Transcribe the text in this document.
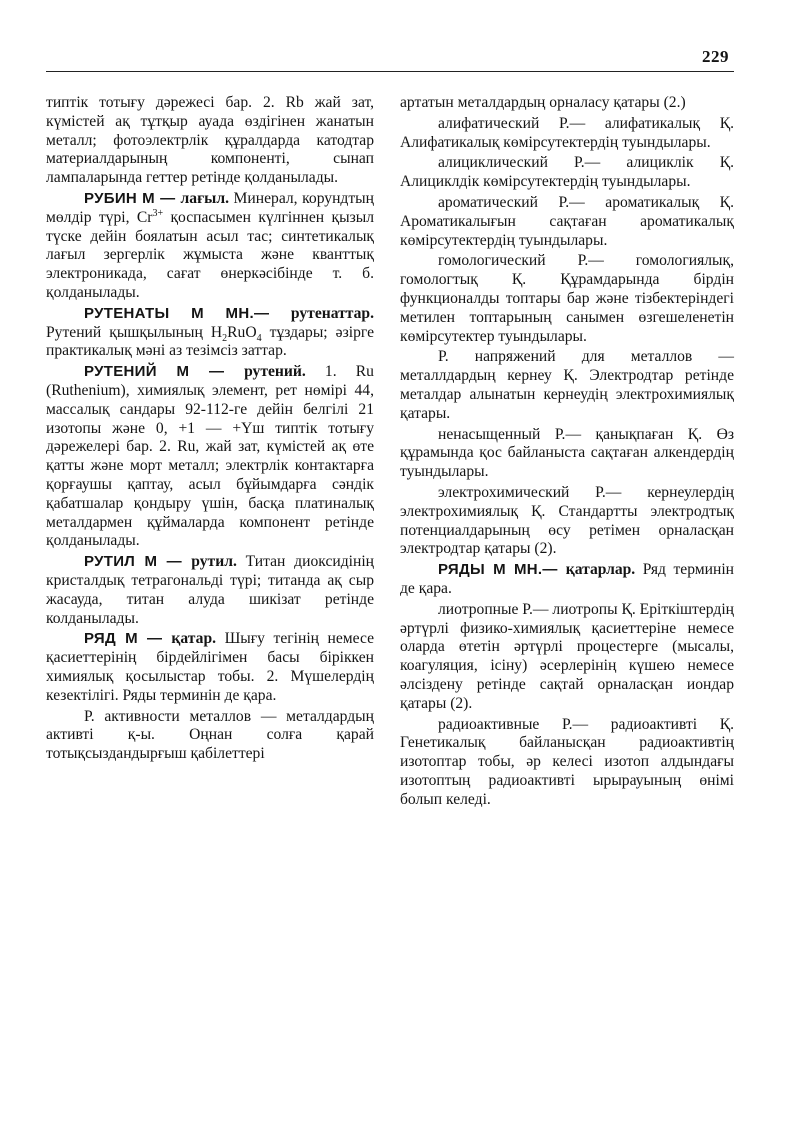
229

типтік тотығу дәрежесі бар. 2. Rb жай зат, күмістей ақ тұтқыр ауада өздігінен жанатын металл; фотоэлектрлік құралдарда катодтар материалдарының компоненті, сынап лампаларында геттер ретінде қолданылады.

РУБИН М — лағыл. Минерал, корундтың мөлдір түрі, $Cr^{3+}$ қоспасымен күлгіннен қызыл түске дейін боялатын асыл тас; синтетикалық лағыл зергерлік жұмыста және кванттық электроникада, сағат өнеркәсібінде т. б. қолданылады.

РУТЕНАТЫ М МН.— рутенаттар. Рутений қышқылының $H_2RuO_4$ тұздары; әзірге практикалық мәні аз тезімсіз заттар.

РУТЕНИЙ М — рутений. 1. Ru (Ruthenium), химиялық элемент, рет нөмірі 44, массалық сандары 92-112-ге дейін белгілі 21 изотопы және 0, +1 — +Үш типтік тотығу дәрежелері бар. 2. Ru, жай зат, күмістей ақ өте қатты және морт металл; электрлік контактарға қорғаушы қаптау, асыл бұйымдарға сәндік қабатшалар қондыру үшін, басқа платиналық металдармен құймаларда компонент ретінде қолданылады.

РУТИЛ М — рутил. Титан диоксидінің кристалдық тетрагональді түрі; титанда ақ сыр жасауда, титан алуда шикізат ретінде колданылады.

РЯД М — қатар. Шығу тегінің немесе қасиеттерінің бірдейлігімен басы біріккен химиялық қосылыстар тобы. 2. Мүшелердің кезектілігі. Ряды терминін де қара.

Р. активности металлов — металдардың активті қ-ы. Оңнан солға қарай тотықсыздандырғыш қабілеттері

артатын металдардың орналасу қатары (2.)

алифатический Р.— алифатикалық Қ. Алифатикалық көмірсутектердің туындылары.

алициклический Р.— алициклік Қ. Алициклдік көмірсутектердің туындылары.

ароматический Р.— ароматикалық Қ. Ароматикалығын сақтаған ароматикалық көмірсутектердің туындылары.

гомологический Р.— гомологиялық, гомологтық Қ. Құрамдарында бірдін функционалды топтары бар және тізбектеріндегі метилен топтарының санымен өзгешеленетін көмірсутектер туындылары.

Р. напряжений для металлов — металлдардың кернеу Қ. Электродтар ретінде металдар алынатын кернеудің электрохимиялық қатары.

ненасыщенный Р.— қанықпаған Қ. Өз құрамында қос байланыста сақтаған алкендердің туындылары.

электрохимический Р.— кернеулердің электрохимиялық Қ. Стандартты электродтық потенциалдарының өсу ретімен орналасқан электродтар қатары (2).

РЯДЫ М МН.— қатарлар. Ряд терминін де қара.

лиотропные Р.— лиотропы Қ. Еріткіштердің әртүрлі физико-химиялық қасиеттеріне немесе оларда өтетін әртүрлі процестерге (мысалы, коагуляция, ісіну) әсерлерінің күшею немесе әлсіздену ретінде сақтай орналасқан иондар қатары (2).

радиоактивные Р.— радиоактивті Қ. Генетикалық байланысқан радиоактивтің изотоптар тобы, әр келесі изотоп алдындағы изотоптың радиоактивті ырырауының өнімі болып келеді.
